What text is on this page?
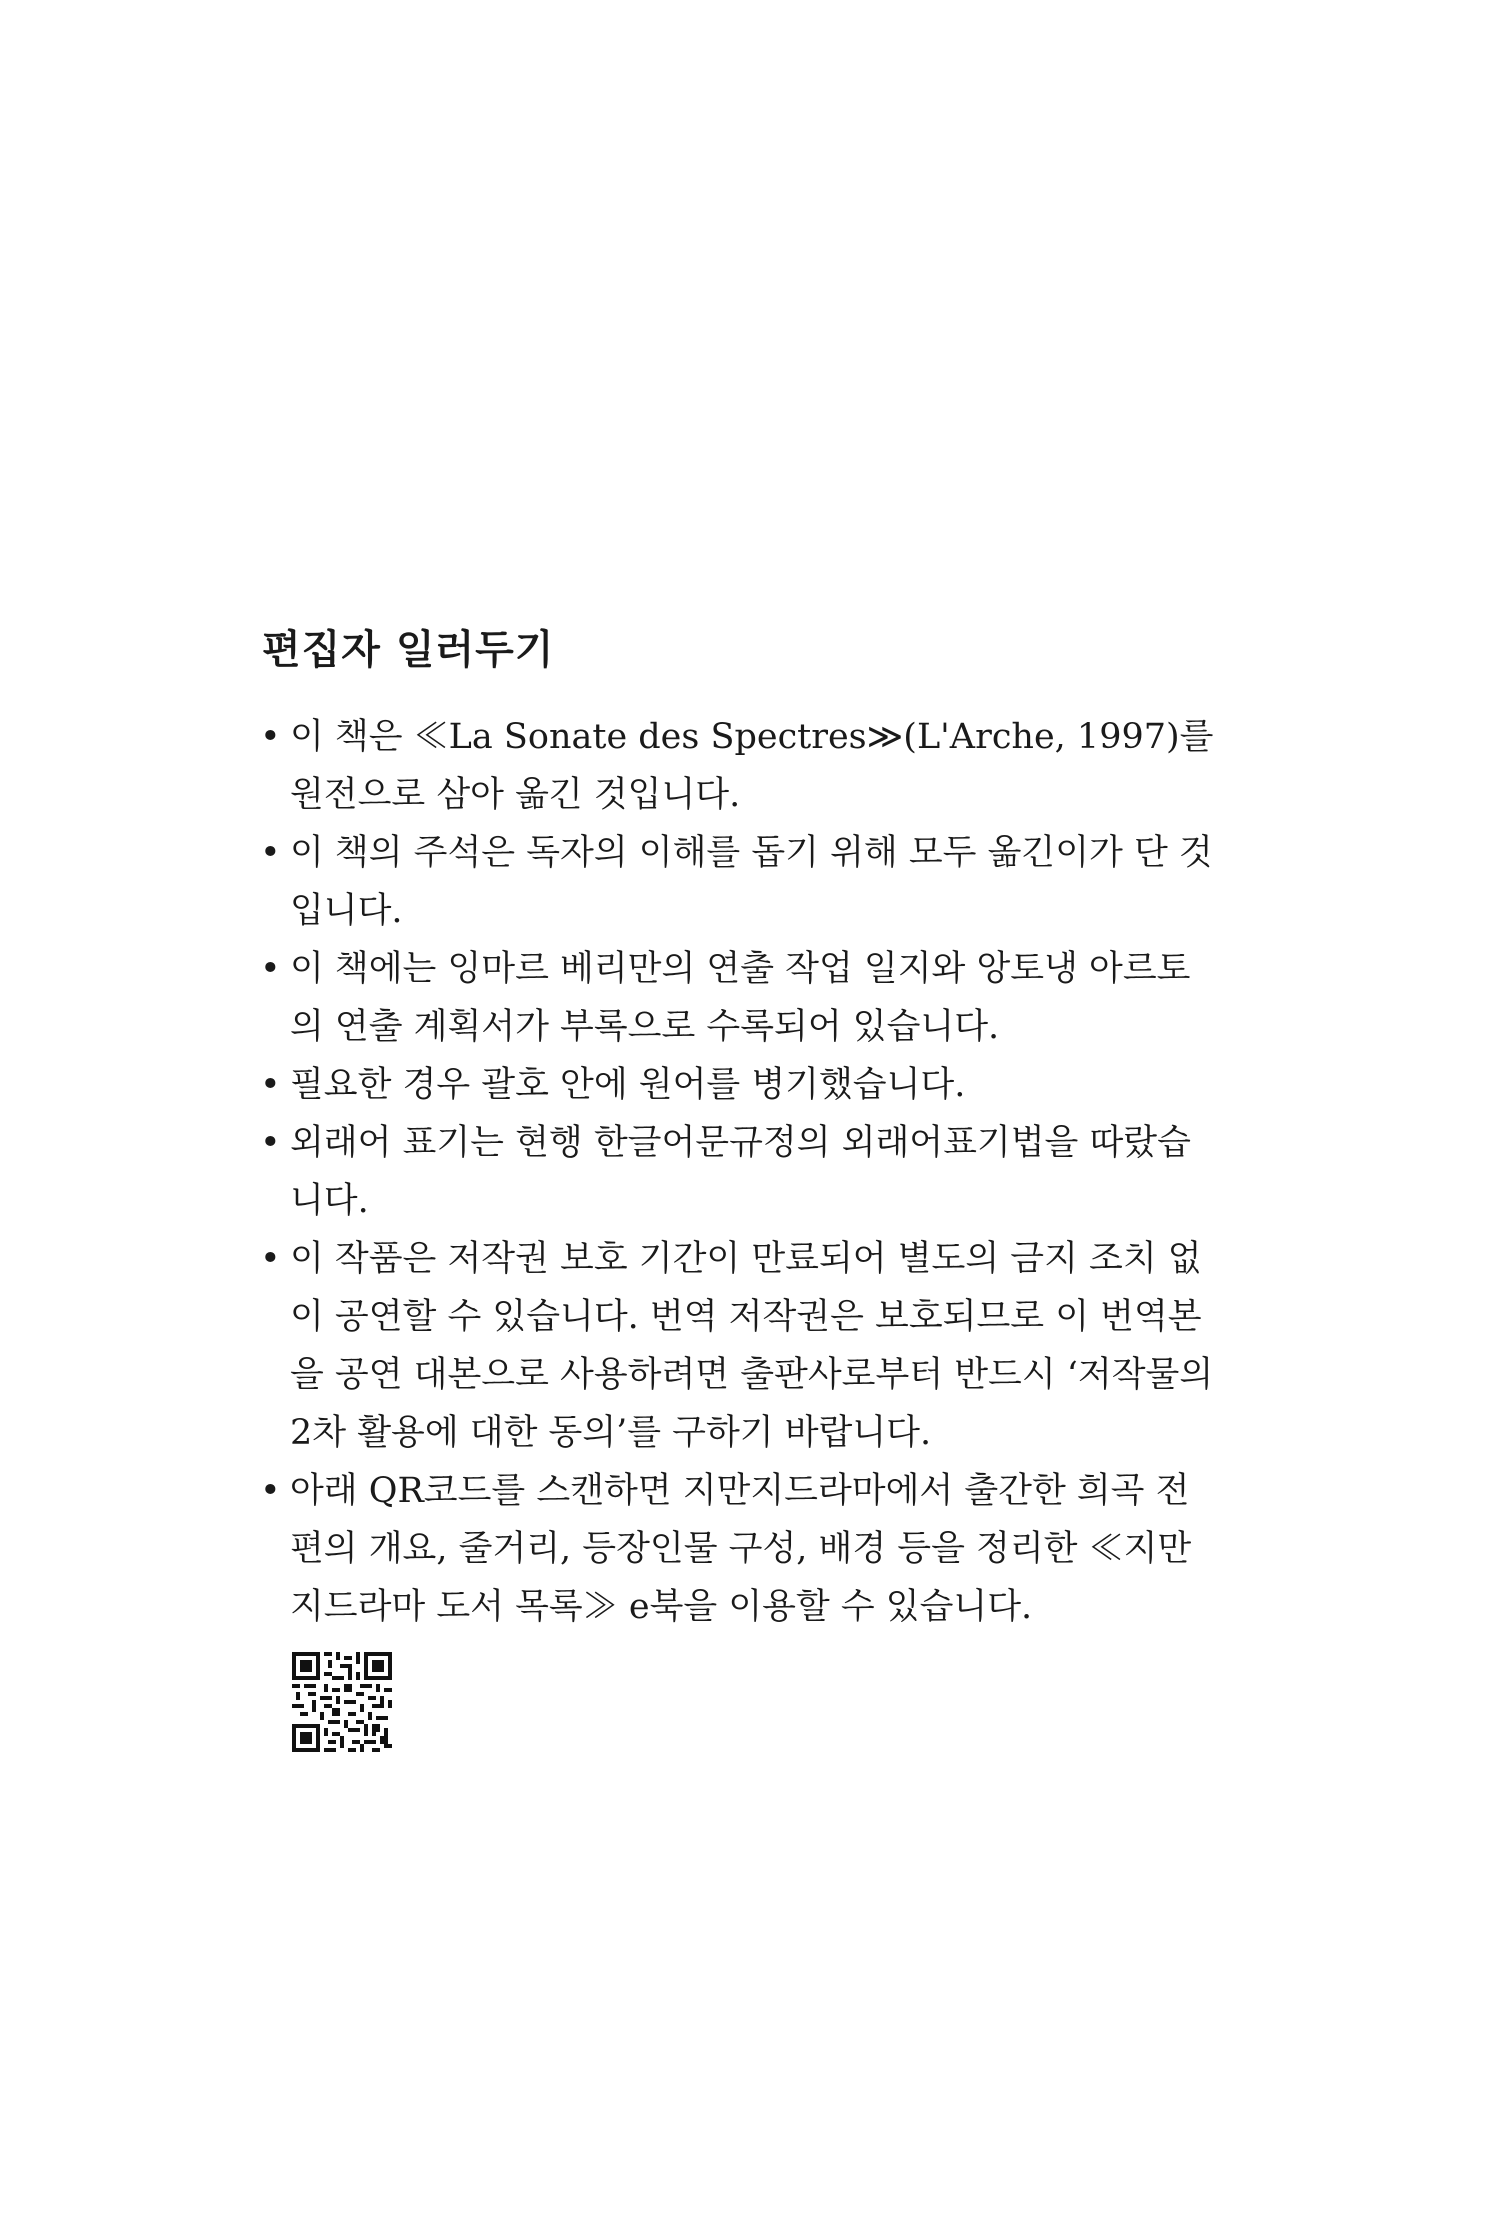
편집자 일러두기
• 이 책은 ≪La Sonate des Spectres≫(L'Arche, 1997)를 원전으로 삼아 옮긴 것입니다.
• 이 책의 주석은 독자의 이해를 돕기 위해 모두 옮긴이가 단 것입니다.
• 이 책에는 잉마르 베리만의 연출 작업 일지와 앙토냉 아르토의 연출 계획서가 부록으로 수록되어 있습니다.
• 필요한 경우 괄호 안에 원어를 병기했습니다.
• 외래어 표기는 현행 한글어문규정의 외래어표기법을 따랐습니다.
• 이 작품은 저작권 보호 기간이 만료되어 별도의 금지 조치 없이 공연할 수 있습니다. 번역 저작권은 보호되므로 이 번역본을 공연 대본으로 사용하려면 출판사로부터 반드시 ‘저작물의 2차 활용에 대한 동의’를 구하기 바랍니다.
• 아래 QR코드를 스캔하면 지만지드라마에서 출간한 희곡 전편의 개요, 줄거리, 등장인물 구성, 배경 등을 정리한 ≪지만지드라마 도서 목록≫ e북을 이용할 수 있습니다.
